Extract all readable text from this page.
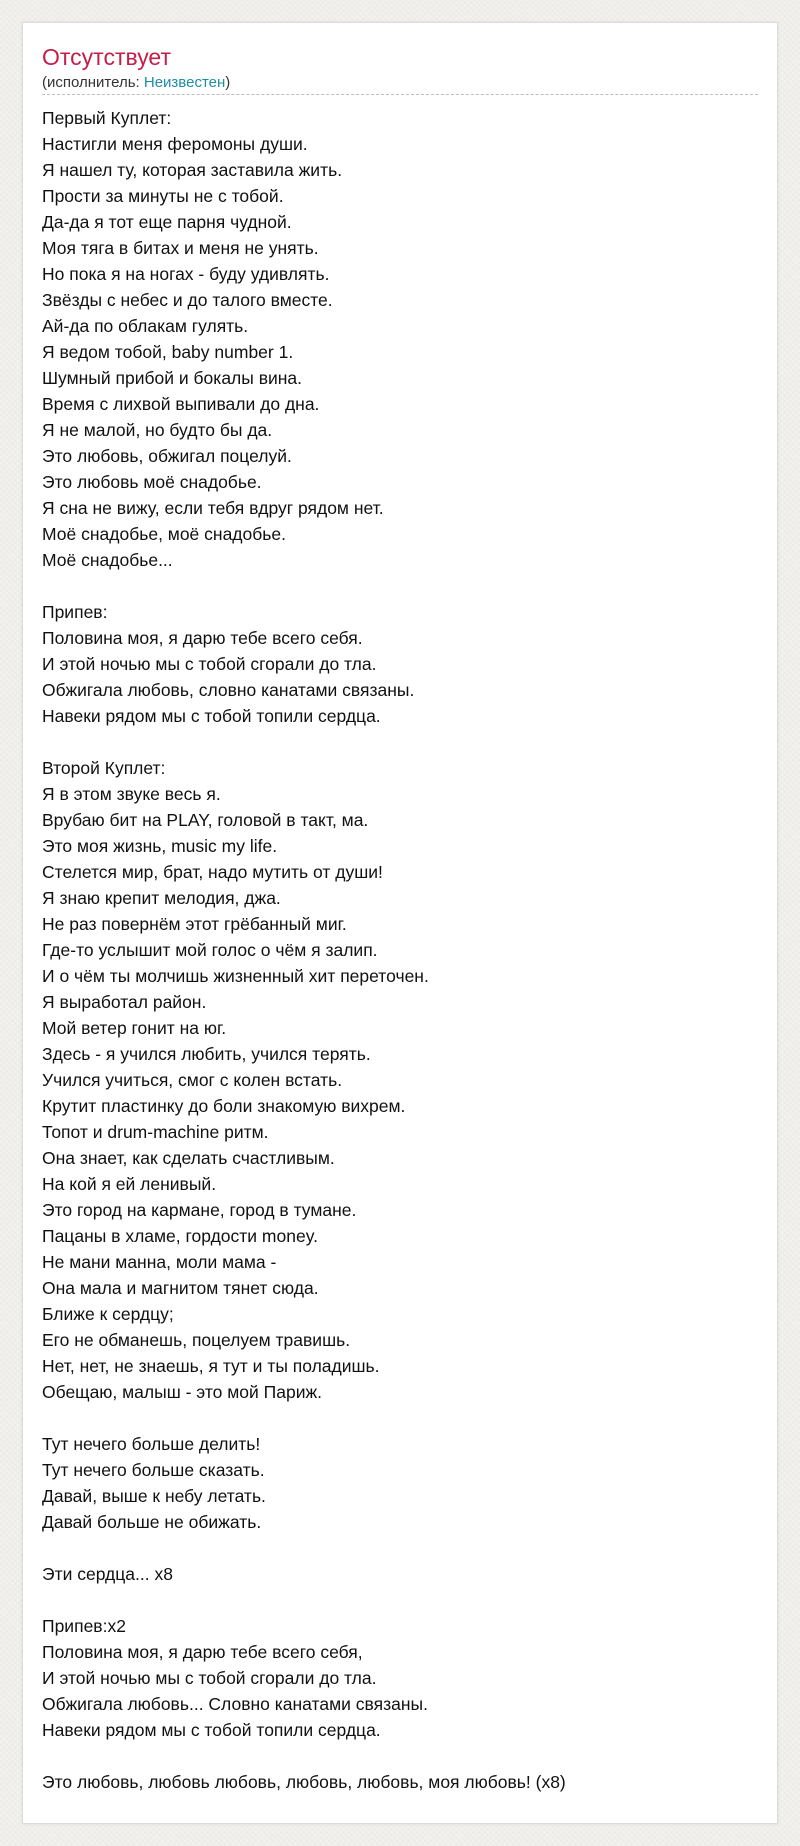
Отсутствует
(исполнитель: Неизвестен)
Первый Куплет:
Настигли меня феромоны души.
Я нашел ту, которая заставила жить.
Прости за минуты не с тобой.
Да-да я тот еще парня чудной.
Моя тяга в битах и меня не унять.
Но пока я на ногах - буду удивлять.
Звёзды с небес и до талого вместе.
Ай-да по облакам гулять.
Я ведом тобой, baby number 1.
Шумный прибой и бокалы вина.
Время с лихвой выпивали до дна.
Я не малой, но будто бы да.
Это любовь, обжигал поцелуй.
Это любовь моё снадобье.
Я сна не вижу, если тебя вдруг рядом нет.
Моё снадобье, моё снадобье.
Моё снадобье...
Припев:
Половина моя, я дарю тебе всего себя.
И этой ночью мы с тобой сгорали до тла.
Обжигала любовь, словно канатами связаны.
Навеки рядом мы с тобой топили сердца.
Второй Куплет:
Я в этом звуке весь я.
Врубаю бит на PLAY, головой в такт, ма.
Это моя жизнь, music my life.
Стелется мир, брат, надо мутить от души!
Я знаю крепит мелодия, джа.
Не раз повернём этот грёбанный миг.
Где-то услышит мой голос о чём я залип.
И о чём ты молчишь жизненный хит переточен.
Я выработал район.
Мой ветер гонит на юг.
Здесь - я учился любить, учился терять.
Учился учиться, смог с колен встать.
Крутит пластинку до боли знакомую вихрем.
Топот и drum-machine ритм.
Она знает, как сделать счастливым.
На кой я ей ленивый.
Это город на кармане, город в тумане.
Пацаны в хламе, гордости money.
Не мани манна, моли мама -
Она мала и магнитом тянет сюда.
Ближе к сердцу;
Его не обманешь, поцелуем травишь.
Нет, нет, не знаешь, я тут и ты поладишь.
Обещаю, малыш - это мой Париж.
Тут нечего больше делить!
Тут нечего больше сказать.
Давай, выше к небу летать.
Давай больше не обижать.
Эти сердца... x8
Припев:x2
Половина моя, я дарю тебе всего себя,
И этой ночью мы с тобой сгорали до тла.
Обжигала любовь... Словно канатами связаны.
Навеки рядом мы с тобой топили сердца.
Это любовь, любовь любовь, любовь, любовь, моя любовь! (x8)
